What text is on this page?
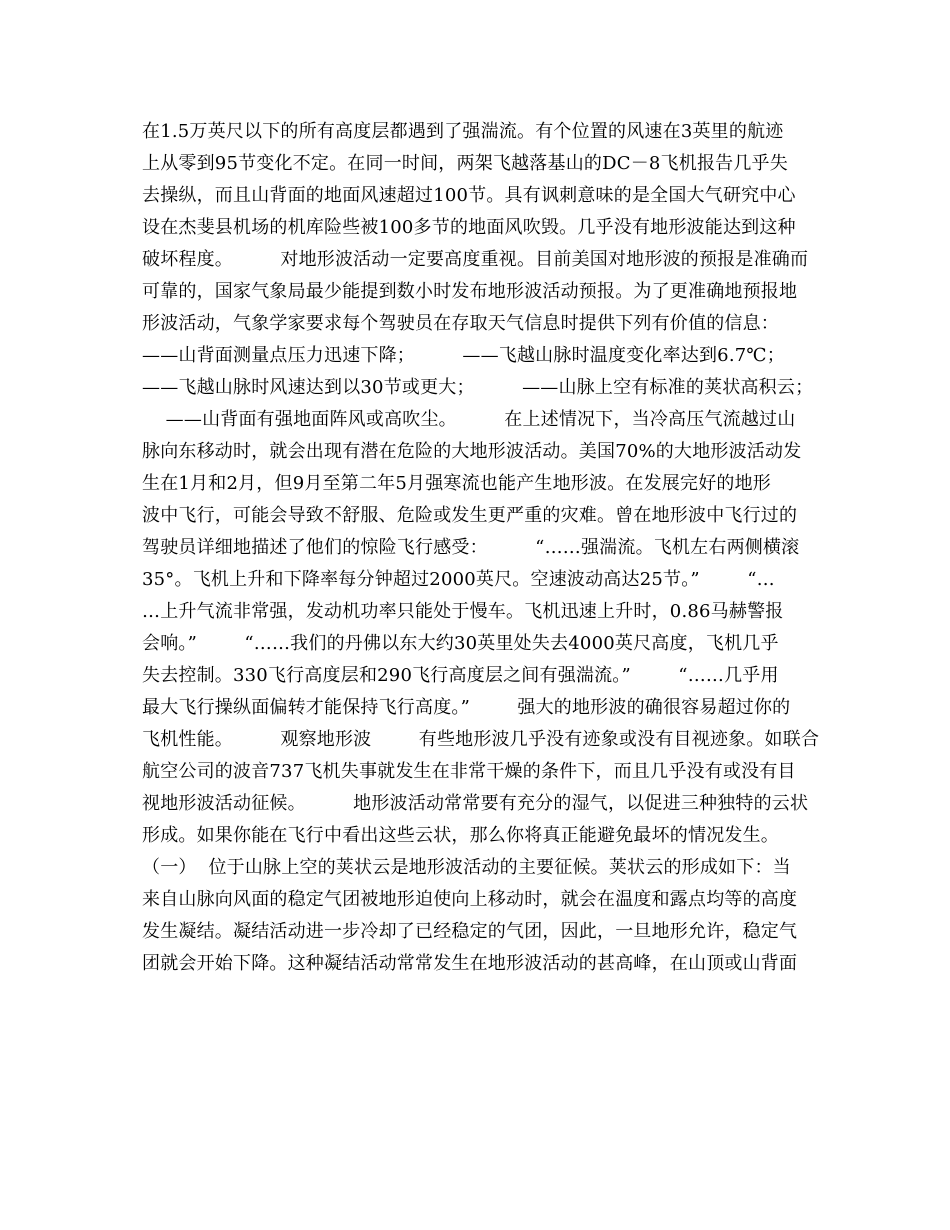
在1.5万英尺以下的所有高度层都遇到了强湍流。有个位置的风速在3英里的航迹
上从零到95节变化不定。在同一时间，两架飞越落基山的DC－8飞机报告几乎失
去操纵，而且山背面的地面风速超过100节。具有讽刺意味的是全国大气研究中心
设在杰斐县机场的机库险些被100多节的地面风吹毁。几乎没有地形波能达到这种
破坏程度。        对地形波活动一定要高度重视。目前美国对地形波的预报是准确而
可靠的，国家气象局最少能提到数小时发布地形波活动预报。为了更准确地预报地
形波活动，气象学家要求每个驾驶员在存取天气信息时提供下列有价值的信息：
——山背面测量点压力迅速下降；        ——飞越山脉时温度变化率达到6.7℃；
——飞越山脉时风速达到以30节或更大；        ——山脉上空有标准的荚状高积云；
——山背面有强地面阵风或高吹尘。        在上述情况下，当冷高压气流越过山
脉向东移动时，就会出现有潜在危险的大地形波活动。美国70%的大地形波活动发
生在1月和2月，但9月至第二年5月强寒流也能产生地形波。在发展完好的地形
波中飞行，可能会导致不舒服、危险或发生更严重的灾难。曾在地形波中飞行过的
驾驶员详细地描述了他们的惊险飞行感受：        “……强湍流。飞机左右两侧横滚
35°。飞机上升和下降率每分钟超过2000英尺。空速波动高达25节。”        “…
…上升气流非常强，发动机功率只能处于慢车。飞机迅速上升时，0.86马赫警报
会响。”        “……我们的丹佛以东大约30英里处失去4000英尺高度，飞机几乎
失去控制。330飞行高度层和290飞行高度层之间有强湍流。”        “……几乎用
最大飞行操纵面偏转才能保持飞行高度。”        强大的地形波的确很容易超过你的
飞机性能。        观察地形波        有些地形波几乎没有迹象或没有目视迹象。如联合
航空公司的波音737飞机失事就发生在非常干燥的条件下，而且几乎没有或没有目
视地形波活动征候。        地形波活动常常要有充分的湿气，以促进三种独特的云状
形成。如果你能在飞行中看出这些云状，那么你将真正能避免最坏的情况发生。
（一）  位于山脉上空的荚状云是地形波活动的主要征候。荚状云的形成如下：当
来自山脉向风面的稳定气团被地形迫使向上移动时，就会在温度和露点均等的高度
发生凝结。凝结活动进一步冷却了已经稳定的气团，因此，一旦地形允许，稳定气
团就会开始下降。这种凝结活动常常发生在地形波活动的甚高峰，在山顶或山背面
